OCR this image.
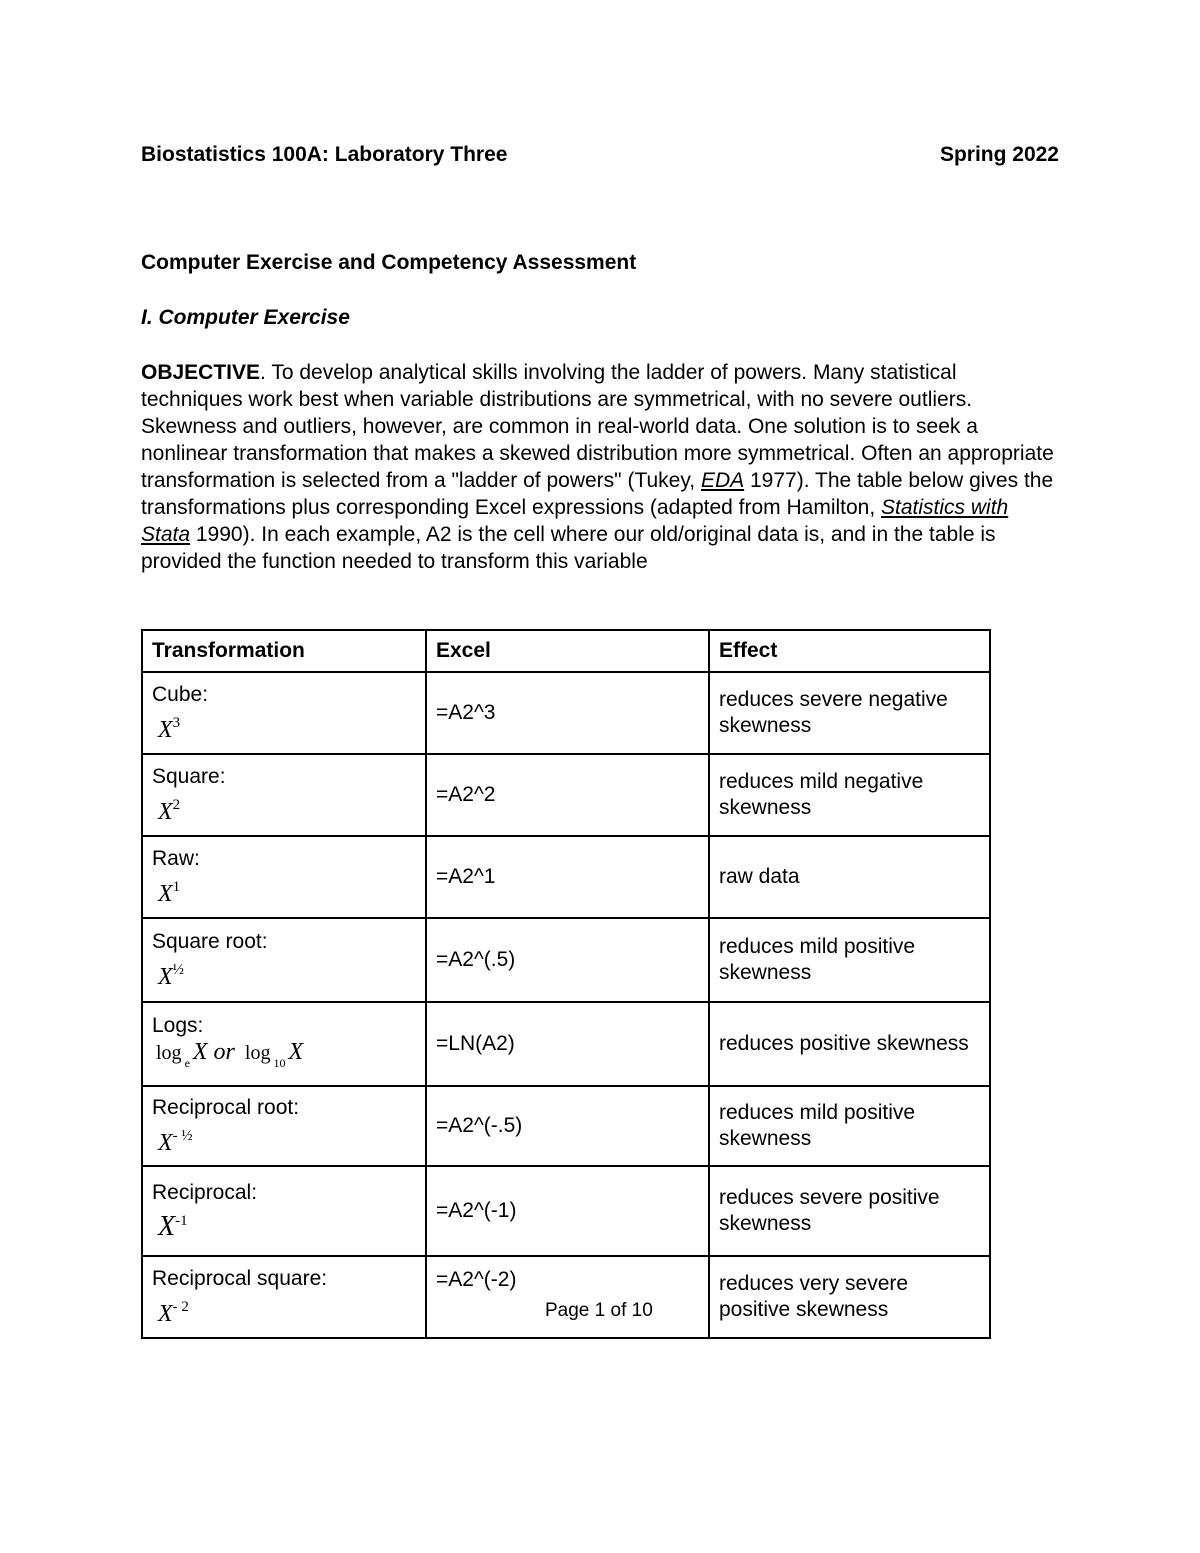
Biostatistics 100A: Laboratory Three	Spring 2022
Computer Exercise and Competency Assessment
I. Computer Exercise
OBJECTIVE. To develop analytical skills involving the ladder of powers. Many statistical techniques work best when variable distributions are symmetrical, with no severe outliers. Skewness and outliers, however, are common in real-world data. One solution is to seek a nonlinear transformation that makes a skewed distribution more symmetrical. Often an appropriate transformation is selected from a "ladder of powers" (Tukey, EDA 1977). The table below gives the transformations plus corresponding Excel expressions (adapted from Hamilton, Statistics with Stata 1990). In each example, A2 is the cell where our old/original data is, and in the table is provided the function needed to transform this variable
Transformation	Excel	Effect

Cube:
$X^3$	=A2^3	reduces severe negative skewness

Square:
$X^2$	=A2^2	reduces mild negative skewness

Raw:
$X^1$	=A2^1	raw data

Square root:
$X^{\frac{1}{2}}$	=A2^(.5)	reduces mild positive skewness

Logs:
log $_e$ X or log $_{10}$ X	=LN(A2)	reduces positive skewness

Reciprocal root:
$X^{- \frac{1}{2}}$	=A2^(-.5)	reduces mild positive skewness

Reciprocal:
$X^{-1}$	=A2^(-1)	reduces severe positive skewness

Reciprocal square:
$X^{- 2}$	=A2^(-2)	reduces very severe positive skewness
Page 1 of 10
